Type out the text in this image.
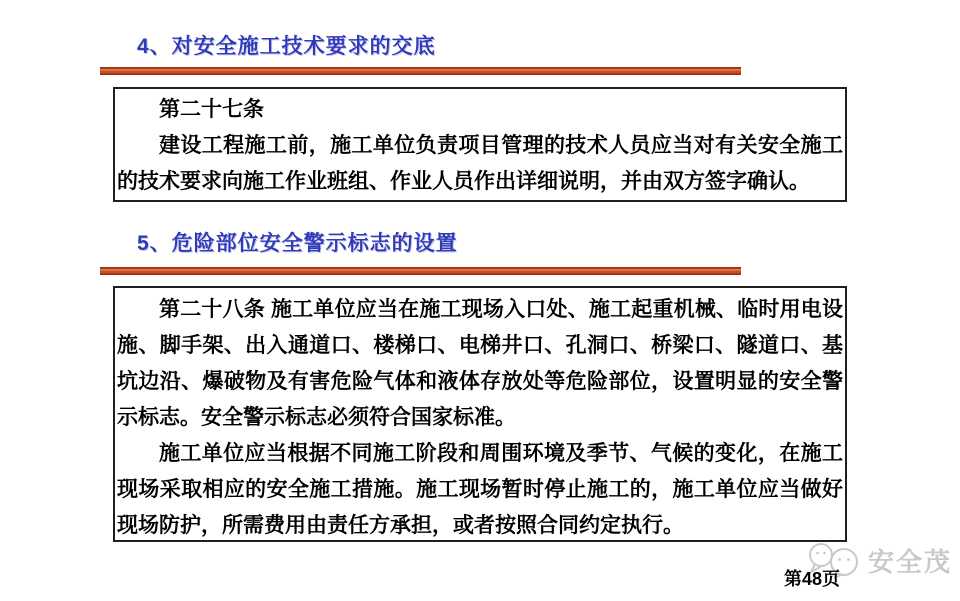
4、对安全施工技术要求的交底

第二十七条

建设工程施工前，施工单位负责项目管理的技术人员应当对有关安全施工的技术要求向施工作业班组、作业人员作出详细说明，并由双方签字确认。

5、危险部位安全警示标志的设置

第二十八条 施工单位应当在施工现场入口处、施工起重机械、临时用电设施、脚手架、出入通道口、楼梯口、电梯井口、孔洞口、桥梁口、隧道口、基坑边沿、爆破物及有害危险气体和液体存放处等危险部位，设置明显的安全警示标志。安全警示标志必须符合国家标准。

施工单位应当根据不同施工阶段和周围环境及季节、气候的变化，在施工现场采取相应的安全施工措施。施工现场暂时停止施工的，施工单位应当做好现场防护，所需费用由责任方承担，或者按照合同约定执行。

安全茂
第48页
